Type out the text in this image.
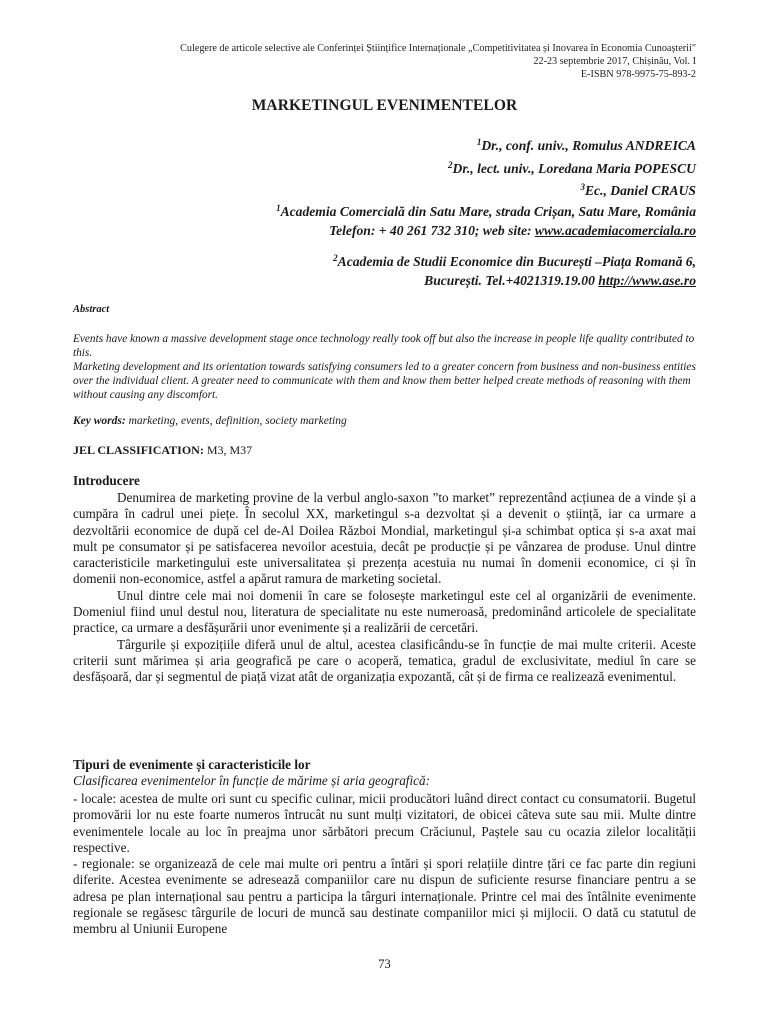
Culegere de articole selective ale Conferinței Științifice Internaționale „Competitivitatea și Inovarea în Economia Cunoașterii"
22-23 septembrie 2017, Chișinău, Vol. I
E-ISBN 978-9975-75-893-2
MARKETINGUL EVENIMENTELOR
$^1$Dr., conf. univ., Romulus ANDREICA
$^2$Dr., lect. univ., Loredana Maria POPESCU
$^3$Ec., Daniel CRAUS
$^1$Academia Comercială din Satu Mare, strada Crișan, Satu Mare, România
Telefon: + 40 261 732 310; web site: www.academiacomerciala.ro
$^2$Academia de Studii Economice din București –Piața Romană 6,
București. Tel.+4021319.19.00 http://www.ase.ro
Abstract

Events have known a massive development stage once technology really took off but also the increase in people life quality contributed to this.

Marketing development and its orientation towards satisfying consumers led to a greater concern from business and non-business entities over the individual client. A greater need to communicate with them and know them better helped create methods of reasoning with them without causing any discomfort.

Key words: marketing, events, definition, society marketing
JEL CLASSIFICATION: M3, M37
Introducere

Denumirea de marketing provine de la verbul anglo-saxon ”to market” reprezentând acțiunea de a vinde și a cumpăra în cadrul unei piețe. În secolul XX, marketingul s-a dezvoltat și a devenit o știință, iar ca urmare a dezvoltării economice de după cel de-Al Doilea Război Mondial, marketingul și-a schimbat optica și s-a axat mai mult pe consumator și pe satisfacerea nevoilor acestuia, decât pe producție și pe vânzarea de produse. Unul dintre caracteristicile marketingului este universalitatea și prezența acestuia nu numai în domenii economice, ci și în domenii non-economice, astfel a apărut ramura de marketing societal.

Unul dintre cele mai noi domenii în care se folosește marketingul este cel al organizării de evenimente. Domeniul fiind unul destul nou, literatura de specialitate nu este numeroasă, predominând articolele de specialitate practice, ca urmare a desfășurării unor evenimente și a realizării de cercetări.

Târgurile și expozițiile diferă unul de altul, acestea clasificându-se în funcție de mai multe criterii. Aceste criterii sunt mărimea și aria geografică pe care o acoperă, tematica, gradul de exclusivitate, mediul în care se desfășoară, dar și segmentul de piață vizat atât de organizația expozantă, cât și de firma ce realizează evenimentul.

Tipuri de evenimente și caracteristicile lor
Clasificarea evenimentelor în funcție de mărime și aria geografică:

- locale: acestea de multe ori sunt cu specific culinar, micii producători luând direct contact cu consumatorii. Bugetul promovării lor nu este foarte numeros întrucât nu sunt mulți vizitatori, de obicei câteva sute sau mii. Multe dintre evenimentele locale au loc în preajma unor sărbători precum Crăciunul, Paștele sau cu ocazia zilelor localității respective.

- regionale: se organizează de cele mai multe ori pentru a întări și spori relațiile dintre țări ce fac parte din regiuni diferite. Acestea evenimente se adresează companiilor care nu dispun de suficiente resurse financiare pentru a se adresa pe plan internațional sau pentru a participa la târguri internaționale. Printre cel mai des întâlnite evenimente regionale se regăsesc târgurile de locuri de muncă sau destinate companiilor mici și mijlocii. O dată cu statutul de membru al Uniunii Europene

73
